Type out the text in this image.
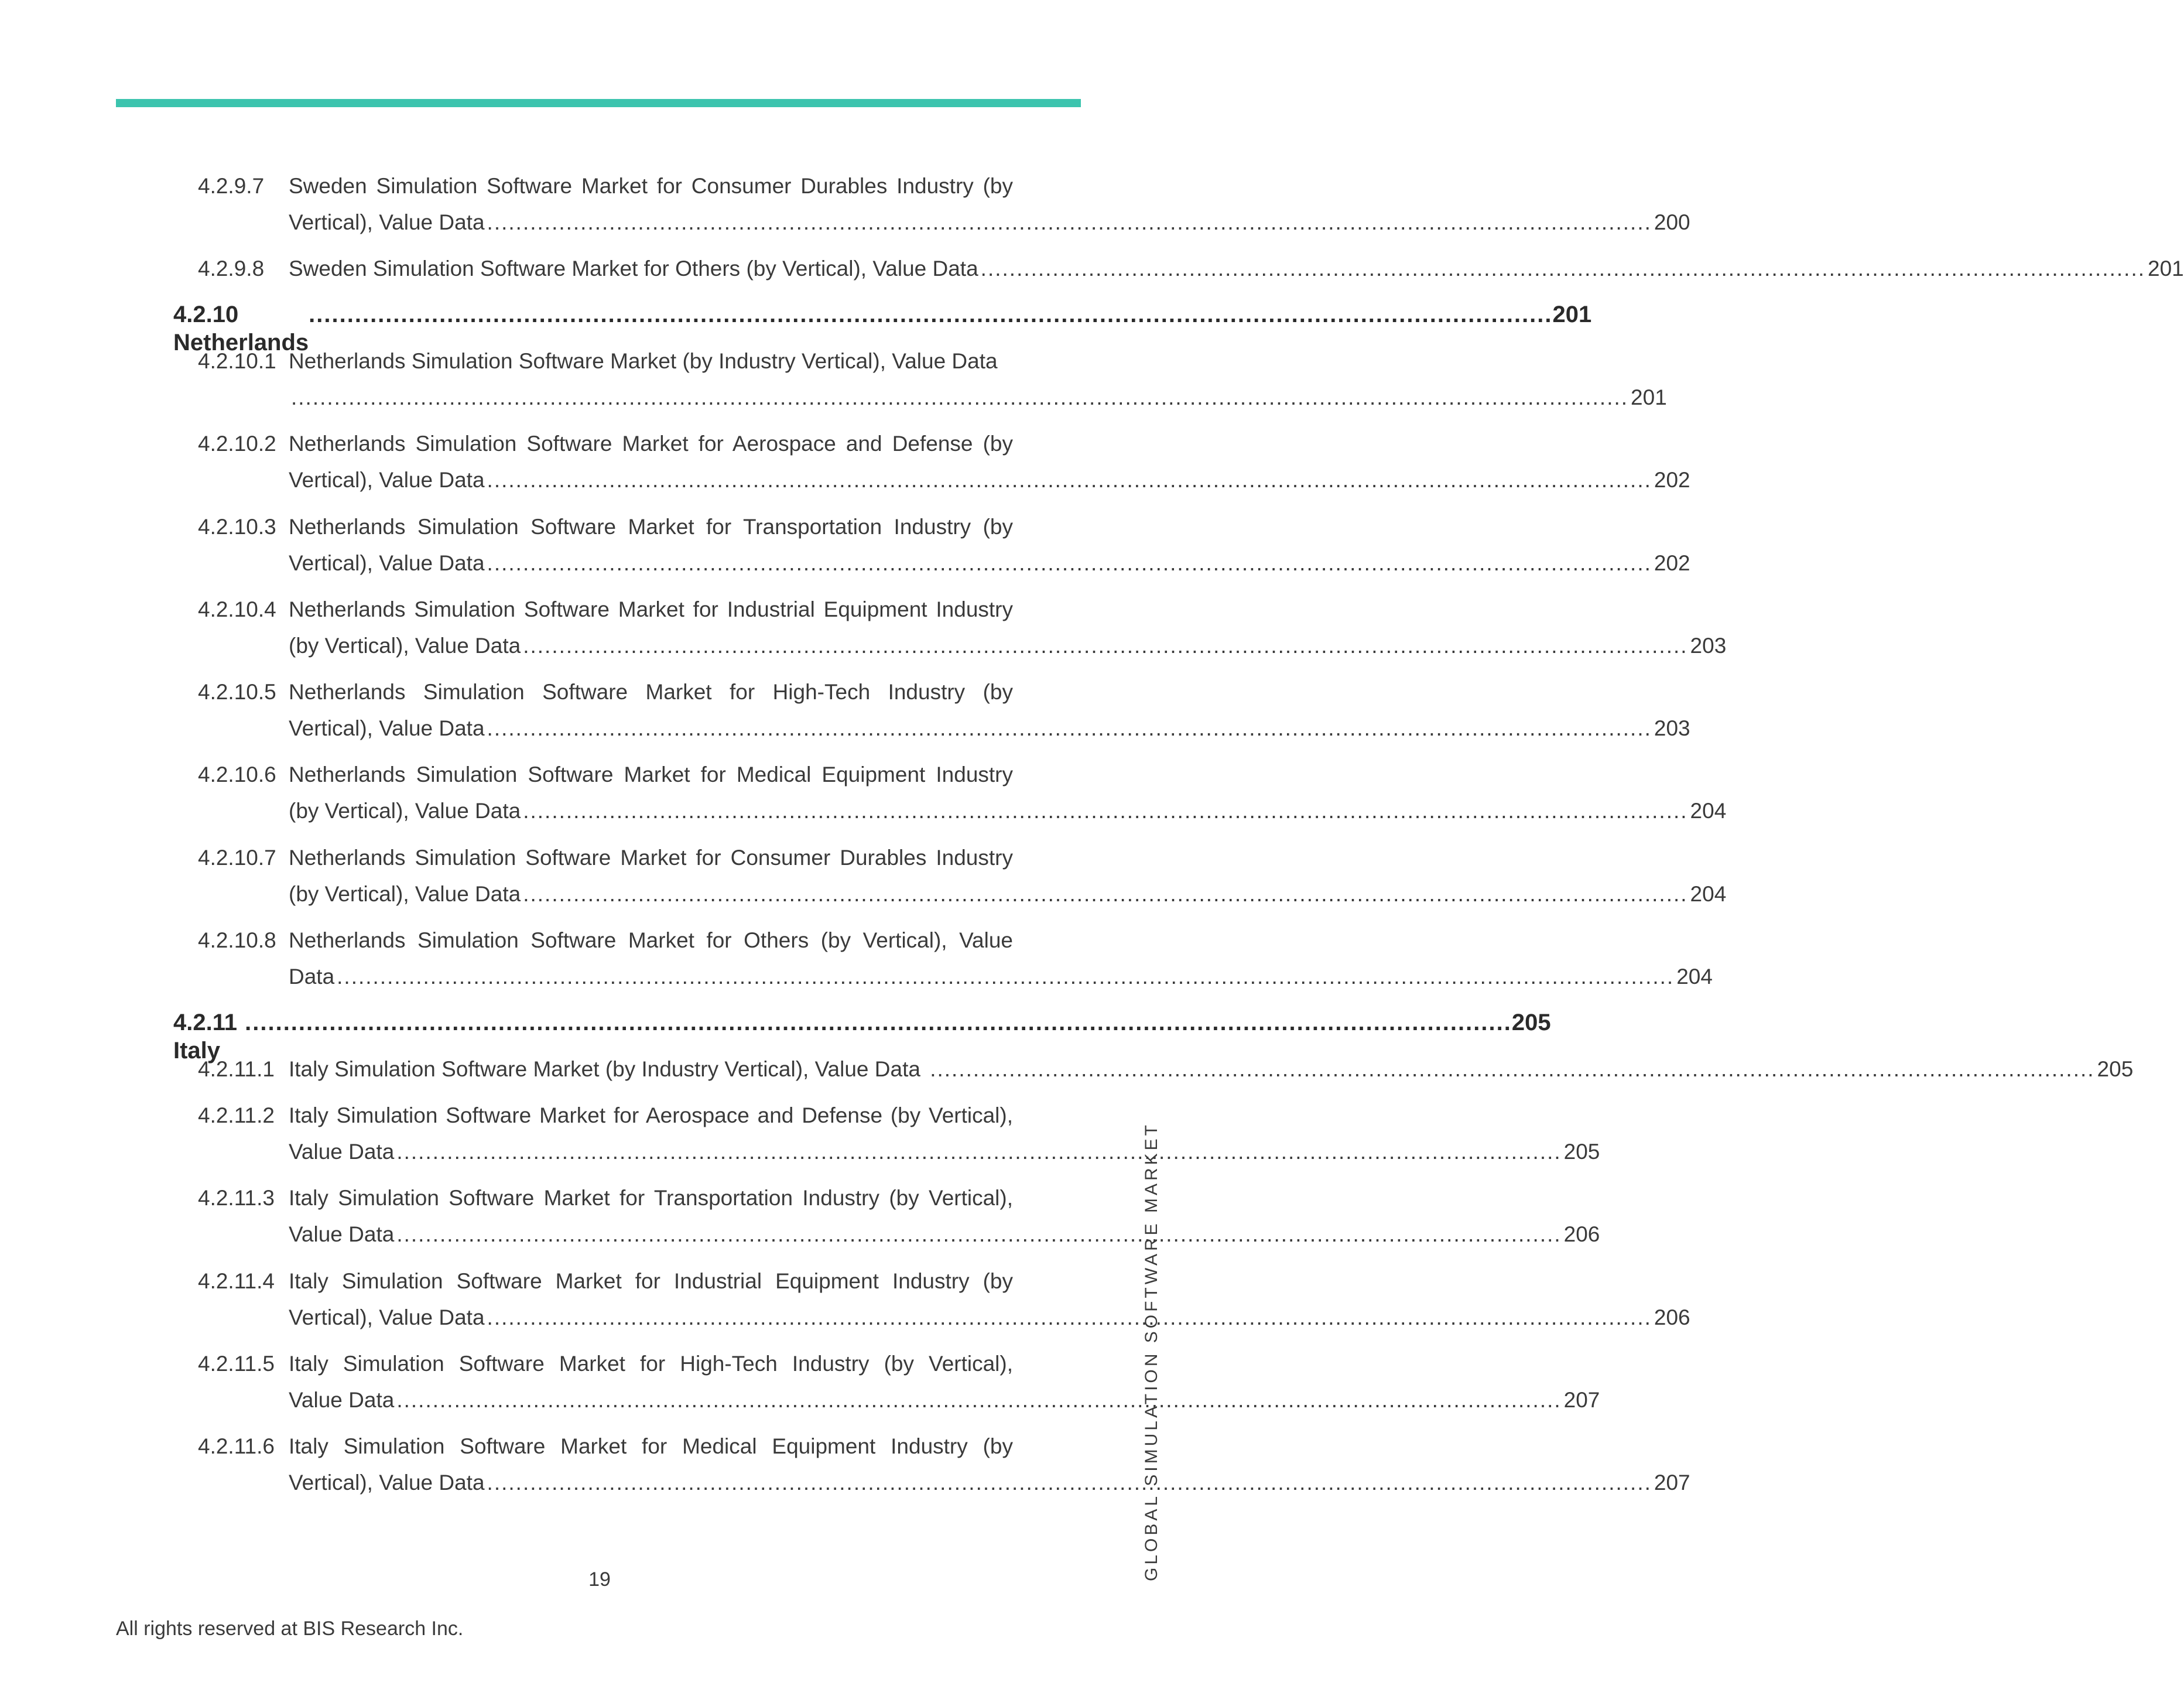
4.2.9.7 Sweden Simulation Software Market for Consumer Durables Industry (by
Vertical), Value Data .................................................................................................................................................................. 200
4.2.9.8 Sweden Simulation Software Market for Others (by Vertical), Value Data .................................................................................................................................................................. 201
4.2.10 Netherlands
.................................................................................................................................................................. 201
4.2.10.1 Netherlands Simulation Software Market (by Industry Vertical), Value Data
.......................................................................................................................................................................................... 201
4.2.10.2 Netherlands Simulation Software Market for Aerospace and Defense (by
Vertical), Value Data .................................................................................................................................................................. 202
4.2.10.3 Netherlands Simulation Software Market for Transportation Industry (by
Vertical), Value Data .................................................................................................................................................................. 202
4.2.10.4 Netherlands Simulation Software Market for Industrial Equipment Industry
(by Vertical), Value Data .................................................................................................................................................................. 203
4.2.10.5 Netherlands Simulation Software Market for High-Tech Industry (by
Vertical), Value Data .................................................................................................................................................................. 203
4.2.10.6 Netherlands Simulation Software Market for Medical Equipment Industry
(by Vertical), Value Data .................................................................................................................................................................. 204
4.2.10.7 Netherlands Simulation Software Market for Consumer Durables Industry
(by Vertical), Value Data .................................................................................................................................................................. 204
4.2.10.8 Netherlands Simulation Software Market for Others (by Vertical), Value
Data .......................................................................................................................................................................................... 204
4.2.11 Italy
..................................................................................................................................................................... 205
4.2.11.1 Italy Simulation Software Market (by Industry Vertical), Value Data .................................................................................................................................................................. 205
4.2.11.2 Italy Simulation Software Market for Aerospace and Defense (by Vertical),
Value Data .................................................................................................................................................................. 205
4.2.11.3 Italy Simulation Software Market for Transportation Industry (by Vertical),
Value Data .................................................................................................................................................................. 206
4.2.11.4 Italy Simulation Software Market for Industrial Equipment Industry (by
Vertical), Value Data .................................................................................................................................................................. 206
4.2.11.5 Italy Simulation Software Market for High-Tech Industry (by Vertical),
Value Data .................................................................................................................................................................. 207
4.2.11.6 Italy Simulation Software Market for Medical Equipment Industry (by
Vertical), Value Data .................................................................................................................................................................. 207
19
All rights reserved at BIS Research Inc.
GLOBAL SIMULATION SOFTWARE MARKET
